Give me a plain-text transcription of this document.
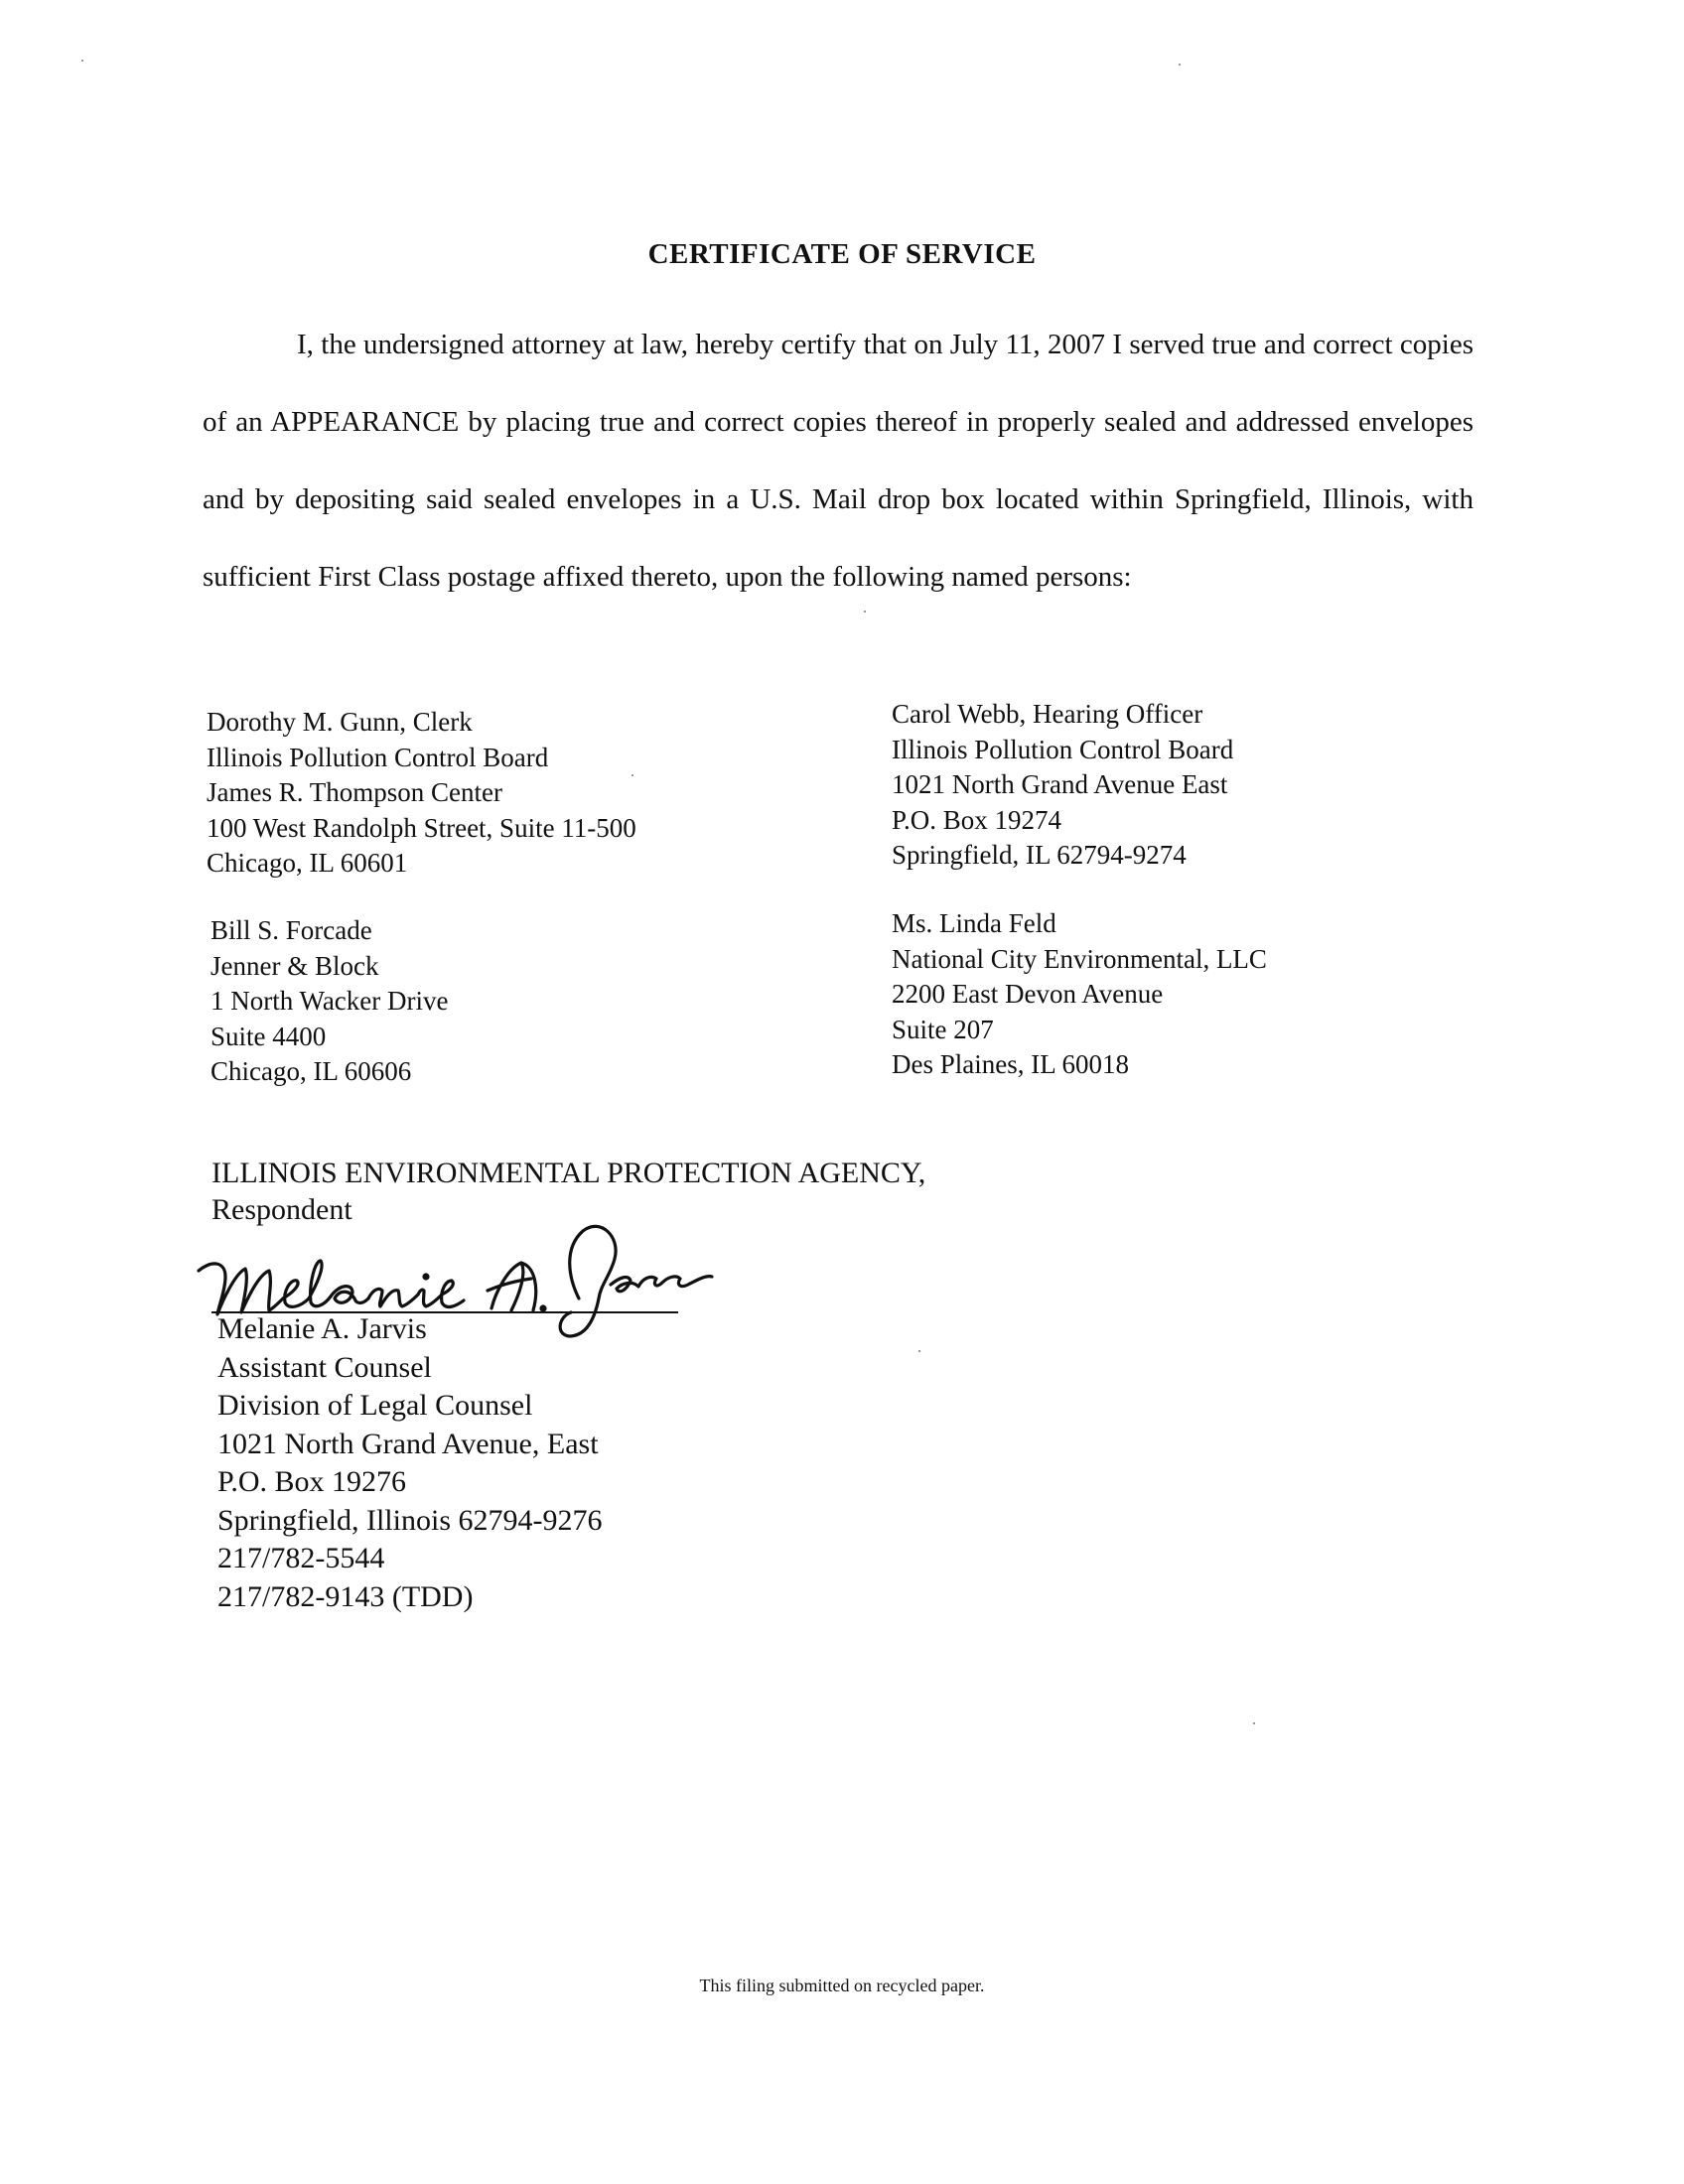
CERTIFICATE OF SERVICE
I, the undersigned attorney at law, hereby certify that on July 11, 2007 I served true and correct copies of an APPEARANCE by placing true and correct copies thereof in properly sealed and addressed envelopes and by depositing said sealed envelopes in a U.S. Mail drop box located within Springfield, Illinois, with sufficient First Class postage affixed thereto, upon the following named persons:
Dorothy M. Gunn, Clerk
Illinois Pollution Control Board
James R. Thompson Center
100 West Randolph Street, Suite 11-500
Chicago, IL 60601
Carol Webb, Hearing Officer
Illinois Pollution Control Board
1021 North Grand Avenue East
P.O. Box 19274
Springfield, IL 62794-9274
Bill S. Forcade
Jenner & Block
1 North Wacker Drive
Suite 4400
Chicago, IL 60606
Ms. Linda Feld
National City Environmental, LLC
2200 East Devon Avenue
Suite 207
Des Plaines, IL 60018
ILLINOIS ENVIRONMENTAL PROTECTION AGENCY,
Respondent
Melanie A. Jarvis
Assistant Counsel
Division of Legal Counsel
1021 North Grand Avenue, East
P.O. Box 19276
Springfield, Illinois 62794-9276
217/782-5544
217/782-9143 (TDD)
This filing submitted on recycled paper.
